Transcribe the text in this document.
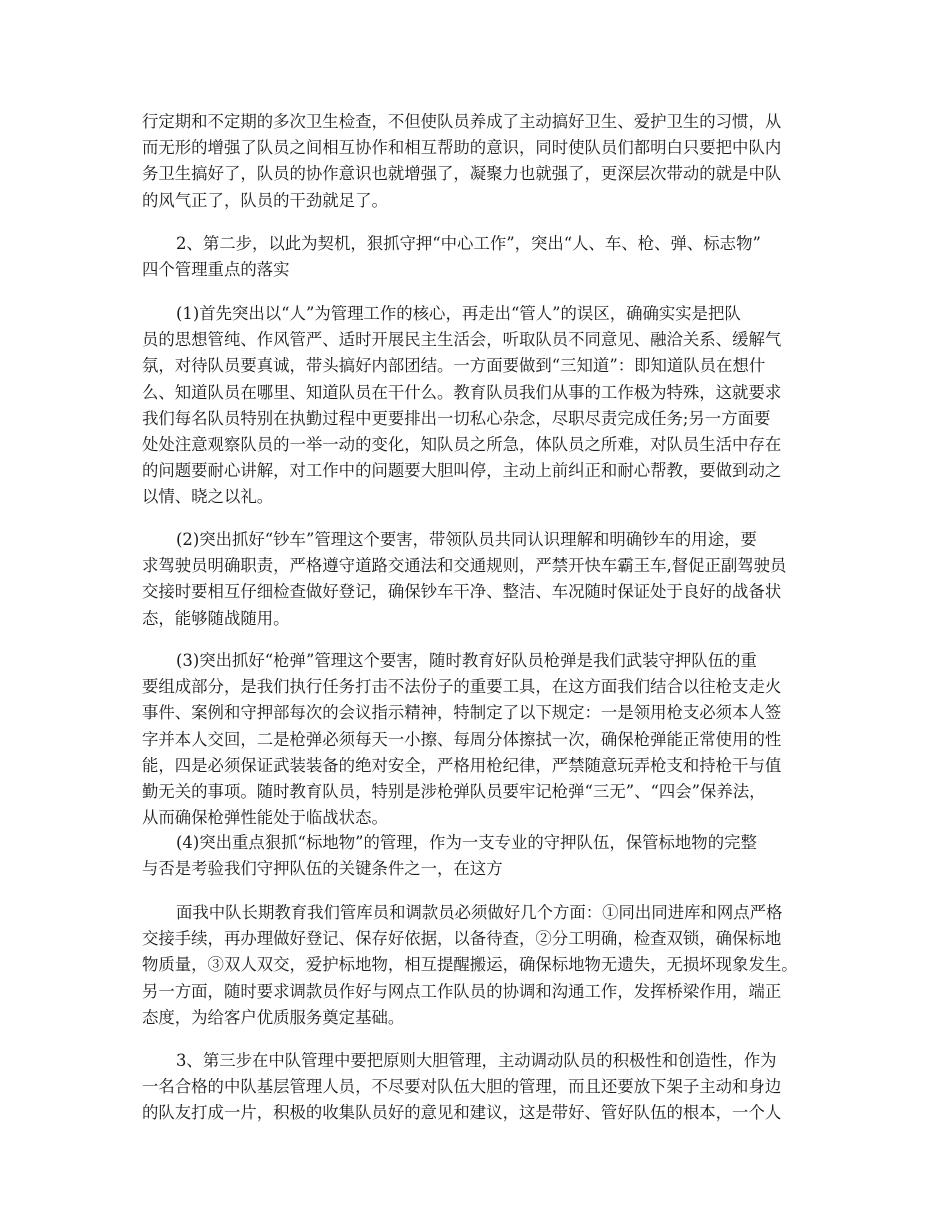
行定期和不定期的多次卫生检查，不但使队员养成了主动搞好卫生、爱护卫生的习惯，从
而无形的增强了队员之间相互协作和相互帮助的意识，同时使队员们都明白只要把中队内
务卫生搞好了，队员的协作意识也就增强了，凝聚力也就强了，更深层次带动的就是中队
的风气正了，队员的干劲就足了。
2、第二步，以此为契机，狠抓守押“中心工作”，突出“人、车、枪、弹、标志物”
四个管理重点的落实
(1)首先突出以“人”为管理工作的核心，再走出“管人”的误区，确确实实是把队
员的思想管纯、作风管严、适时开展民主生活会，听取队员不同意见、融洽关系、缓解气
氛，对待队员要真诚，带头搞好内部团结。一方面要做到“三知道”：即知道队员在想什
么、知道队员在哪里、知道队员在干什么。教育队员我们从事的工作极为特殊，这就要求
我们每名队员特别在执勤过程中更要排出一切私心杂念，尽职尽责完成任务;另一方面要
处处注意观察队员的一举一动的变化，知队员之所急，体队员之所难，对队员生活中存在
的问题要耐心讲解，对工作中的问题要大胆叫停，主动上前纠正和耐心帮教，要做到动之
以情、晓之以礼。
(2)突出抓好“钞车”管理这个要害，带领队员共同认识理解和明确钞车的用途，要
求驾驶员明确职责，严格遵守道路交通法和交通规则，严禁开快车霸王车,督促正副驾驶员
交接时要相互仔细检查做好登记，确保钞车干净、整洁、车况随时保证处于良好的战备状
态，能够随战随用。
(3)突出抓好“枪弹”管理这个要害，随时教育好队员枪弹是我们武装守押队伍的重
要组成部分，是我们执行任务打击不法份子的重要工具，在这方面我们结合以往枪支走火
事件、案例和守押部每次的会议指示精神，特制定了以下规定：一是领用枪支必须本人签
字并本人交回，二是枪弹必须每天一小擦、每周分体擦拭一次，确保枪弹能正常使用的性
能，四是必须保证武装装备的绝对安全，严格用枪纪律，严禁随意玩弄枪支和持枪干与值
勤无关的事项。随时教育队员，特别是涉枪弹队员要牢记枪弹“三无”、“四会”保养法，
从而确保枪弹性能处于临战状态。
(4)突出重点狠抓“标地物”的管理，作为一支专业的守押队伍，保管标地物的完整
与否是考验我们守押队伍的关键条件之一，在这方
面我中队长期教育我们管库员和调款员必须做好几个方面：①同出同进库和网点严格
交接手续，再办理做好登记、保存好依据，以备待查，②分工明确，检查双锁，确保标地
物质量，③双人双交，爱护标地物，相互提醒搬运，确保标地物无遗失，无损坏现象发生。
另一方面，随时要求调款员作好与网点工作队员的协调和沟通工作，发挥桥梁作用，端正
态度，为给客户优质服务奠定基础。
3、第三步在中队管理中要把原则大胆管理，主动调动队员的积极性和创造性，作为
一名合格的中队基层管理人员，不尽要对队伍大胆的管理，而且还要放下架子主动和身边
的队友打成一片，积极的收集队员好的意见和建议，这是带好、管好队伍的根本，一个人
